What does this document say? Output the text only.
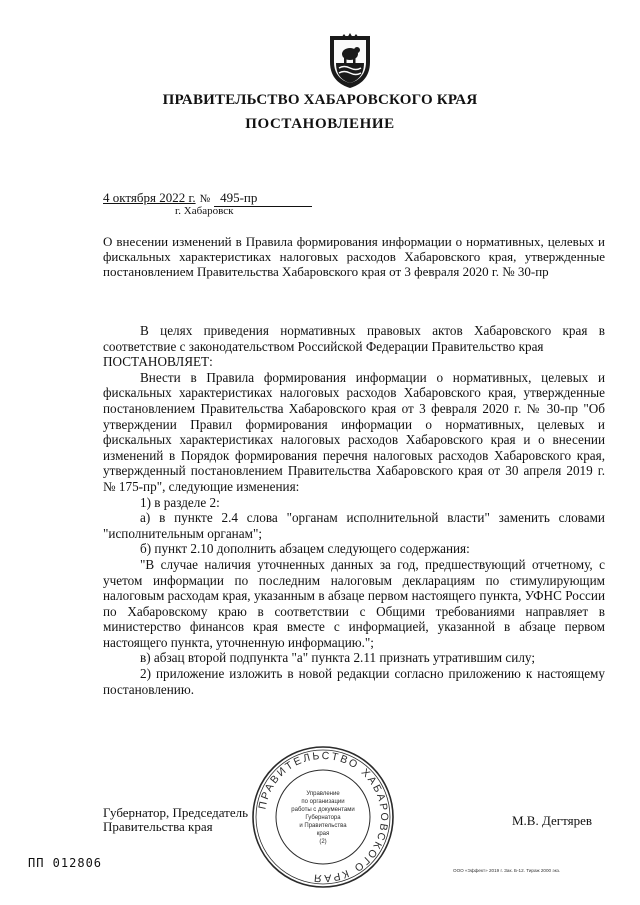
ПРАВИТЕЛЬСТВО ХАБАРОВСКОГО КРАЯ
ПОСТАНОВЛЕНИЕ
4 октября 2022 г. № 495-пр
г. Хабаровск
О внесении изменений в Правила формирования информации о нормативных, целевых и фискальных характеристиках налоговых расходов Хабаровского края, утвержденные постановлением Правительства Хабаровского края от 3 февраля 2020 г. № 30-пр

В целях приведения нормативных правовых актов Хабаровского края в соответствие с законодательством Российской Федерации Правительство края

ПОСТАНОВЛЯЕТ:

Внести в Правила формирования информации о нормативных, целевых и фискальных характеристиках налоговых расходов Хабаровского края, утвержденные постановлением Правительства Хабаровского края от 3 февраля 2020 г. № 30-пр "Об утверждении Правил формирования информации о нормативных, целевых и фискальных характеристиках налоговых расходов Хабаровского края и о внесении изменений в Порядок формирования перечня налоговых расходов Хабаровского края, утвержденный постановлением Правительства Хабаровского края от 30 апреля 2019 г. № 175-пр", следующие изменения:

1) в разделе 2:

а) в пункте 2.4 слова "органам исполнительной власти" заменить словами "исполнительным органам";

б) пункт 2.10 дополнить абзацем следующего содержания:

"В случае наличия уточненных данных за год, предшествующий отчетному, с учетом информации по последним налоговым декларациям по стимулирующим налоговым расходам края, указанным в абзаце первом настоящего пункта, УФНС России по Хабаровскому краю в соответствии с Общими требованиями направляет в министерство финансов края вместе с информацией, указанной в абзаце первом настоящего пункта, уточненную информацию.";

в) абзац второй подпункта "а" пункта 2.11 признать утратившим силу;

2) приложение изложить в новой редакции согласно приложению к настоящему постановлению.

Губернатор, Председатель
Правительства края	М.В. Дегтярев
ПРАВИТЕЛЬСТВО ХАБАРОВСКОГО КРАЯ
Управление
по организации
работы с документами
Губернатора
и Правительства
края
(2)
ПП 012806
ООО «Эффект» 2019 г. Зак. Б-12. Тираж 2000 экз.
